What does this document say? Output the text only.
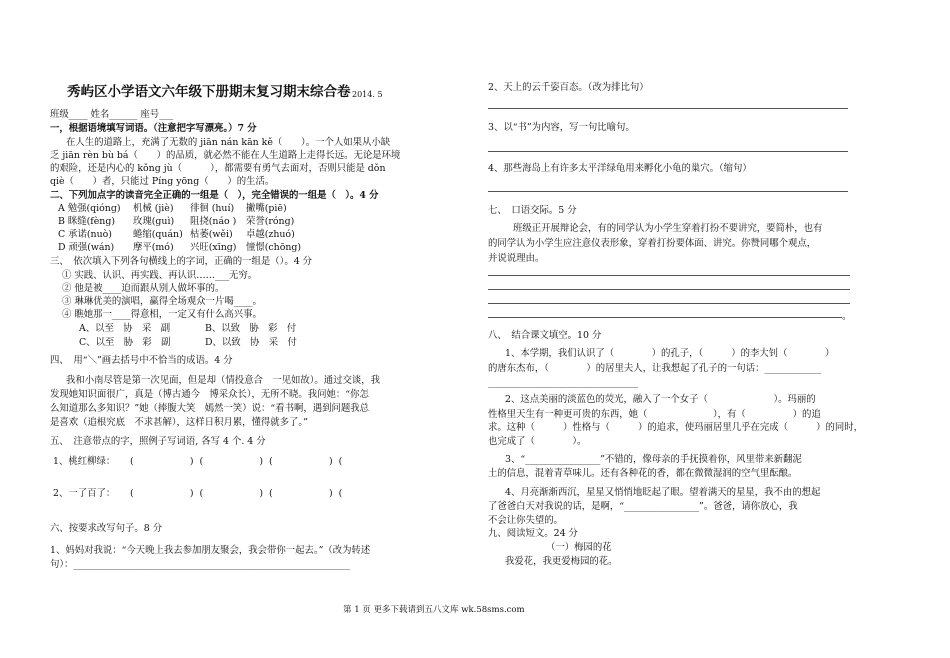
秀屿区小学语文六年级下册期末复习期末综合卷 2014. 5
班级____ 姓名______ 座号___
一，根据语境填写词语。（注意把字写漂亮。）7 分
在人生的道路上，充满了无数的 jiān nán kān kě（　　）。一个人如果从小缺
乏 jiān rèn bù bá（　　）的品质，就必然不能在人生道路上走得长远。无论是环境
的艰险，还是内心的 kǒng jù（　　　），都需要有勇气去面对，否则只能是 dǒn
qiè（　　）者，只能过 Píng yōng（　　）的生活。
二、下列加点字的读音完全正确的一组是（　），完全错误的一组是（　）。4 分
A 勉强(qióng) 机械 (jiè) 徘徊 (huí) 撇嘴(piē)
B 眯缝(fèng) 玫瑰(guì) 阻挠(náo ) 荣誉(róng)
C 承诺(nuò) 蜷缩(quán) 枯萎(wěi) 卓越(zhuó)
D 顽强(wán) 摩平(mó) 兴旺(xīng) 憧憬(chōng)
三、　依次填入下列各句横线上的字词，正确的一组是（）。4 分
① 实践、认识、再实践、再认识……___无穷。
② 他是被____迫而跟从别人做坏事的。
③ 琳琳优美的演唱，赢得全场观众一片喝____。
④ 瞧她那一____得意相，一定又有什么高兴事。
A、以至　协　采　副	B、以致　胁　彩　付
C、以至　胁　彩　副	D、以致　协　采　付
四、　用“＼”画去括号中不恰当的成语。4 分
我和小南尽管是第一次见面，但是却（情投意合　一见如故）。通过交谈，我
发现她知识面很广，真是（博古通今　博采众长），无所不晓。我问她：“你怎
么知道那么多知识？”她（捧腹大笑　嫣然一笑）说：“看书啊，遇到问题我总
是喜欢（追根究底　不求甚解），这样日积月累，懂得就多了。”
五、　注意带点的字，照例子写词语, 各写 4 个. 4 分
1、桃红柳绿： (　　　　　　)  (　　　　　　)  (　　　　　　)  (
2、一了百了： (　　　　　　)  (　　　　　　)  (　　　　　　)  (
六、按要求改写句子。8 分
1、妈妈对我说：“今天晚上我去参加朋友聚会，我会带你一起去。”（改为转述
句）：___________________________________________________________
2、天上的云千姿百态。（改为排比句）
3、以“书”为内容，写一句比喻句。
4、那些海岛上有许多太平洋绿龟用来孵化小龟的巢穴。（缩句）
七、　口语交际。5 分
班级正开展辩论会，有的同学认为小学生穿着打扮不要讲究，要简朴，也有
的同学认为小学生应注意仪表形象，穿着打扮要体面、讲究。你赞同哪个观点，
并说说理由。
。
八、　结合课文填空。10 分
1、本学期，我们认识了（　　　　）的孔子，（　　　）的李大钊（　　　　）
的唐东杰布，（　　　　）的居里夫人，让我想起了孔子的一句话：____________
________________________________
2、这点美丽的淡蓝色的荧光，融入了一个女子（　　　　　　　）。玛丽的
性格里天生有一种更可贵的东西，她（　　　　　　　），有（　　　　　）的追
求。这种（　　　）性格与（　　　）的追求，使玛丽居里几乎在完成（　　　）的同时，
也完成了（　　　　）。
3、“________________”不错的，像母亲的手抚摸着你，风里带来新翻泥
土的信息，混着青草味儿。还有各种花的香，都在微微湿润的空气里酝酿。
4、月亮渐渐西沉，星星又悄悄地眨起了眼。望着满天的星星，我不由的想起
了爸爸白天对我说的话，是啊，“________________”。爸爸，请你放心，我
不会让你失望的。
九、阅读短文。24 分
（一）梅园的花
我爱花，我更爱梅园的花。
第 1 页 更多下载请到五八文库 wk.58sms.com
